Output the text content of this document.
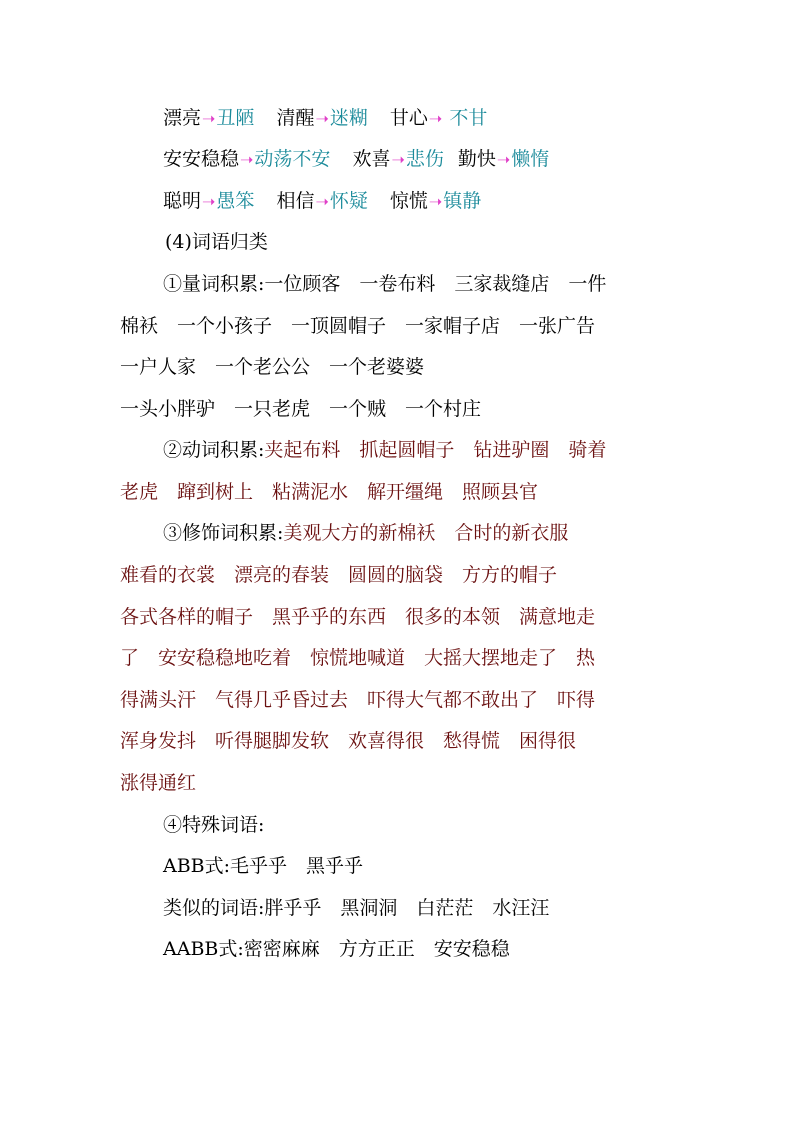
漂亮➝丑陋 清醒➝迷糊 甘心➝ 不甘
安安稳稳➝动荡不安 欢喜➝悲伤 勤快➝懒惰
聪明➝愚笨 相信➝怀疑 惊慌➝镇静
(4)词语归类
①量词积累:一位顾客　一卷布料　三家裁缝店　一件
棉袄　一个小孩子　一顶圆帽子　一家帽子店　一张广告
一户人家　一个老公公　一个老婆婆
一头小胖驴　一只老虎　一个贼　一个村庄
②动词积累:夹起布料　抓起圆帽子　钻进驴圈　骑着
老虎　蹿到树上　粘满泥水　解开缰绳　照顾县官
③修饰词积累:美观大方的新棉袄　合时的新衣服
难看的衣裳　漂亮的春装　圆圆的脑袋　方方的帽子
各式各样的帽子　黑乎乎的东西　很多的本领　满意地走
了　安安稳稳地吃着　惊慌地喊道　大摇大摆地走了　热
得满头汗　气得几乎昏过去　吓得大气都不敢出了　吓得
浑身发抖　听得腿脚发软　欢喜得很　愁得慌　困得很
涨得通红
④特殊词语:
ABB式:毛乎乎　黑乎乎
类似的词语:胖乎乎　黑洞洞　白茫茫　水汪汪
AABB式:密密麻麻　方方正正　安安稳稳
